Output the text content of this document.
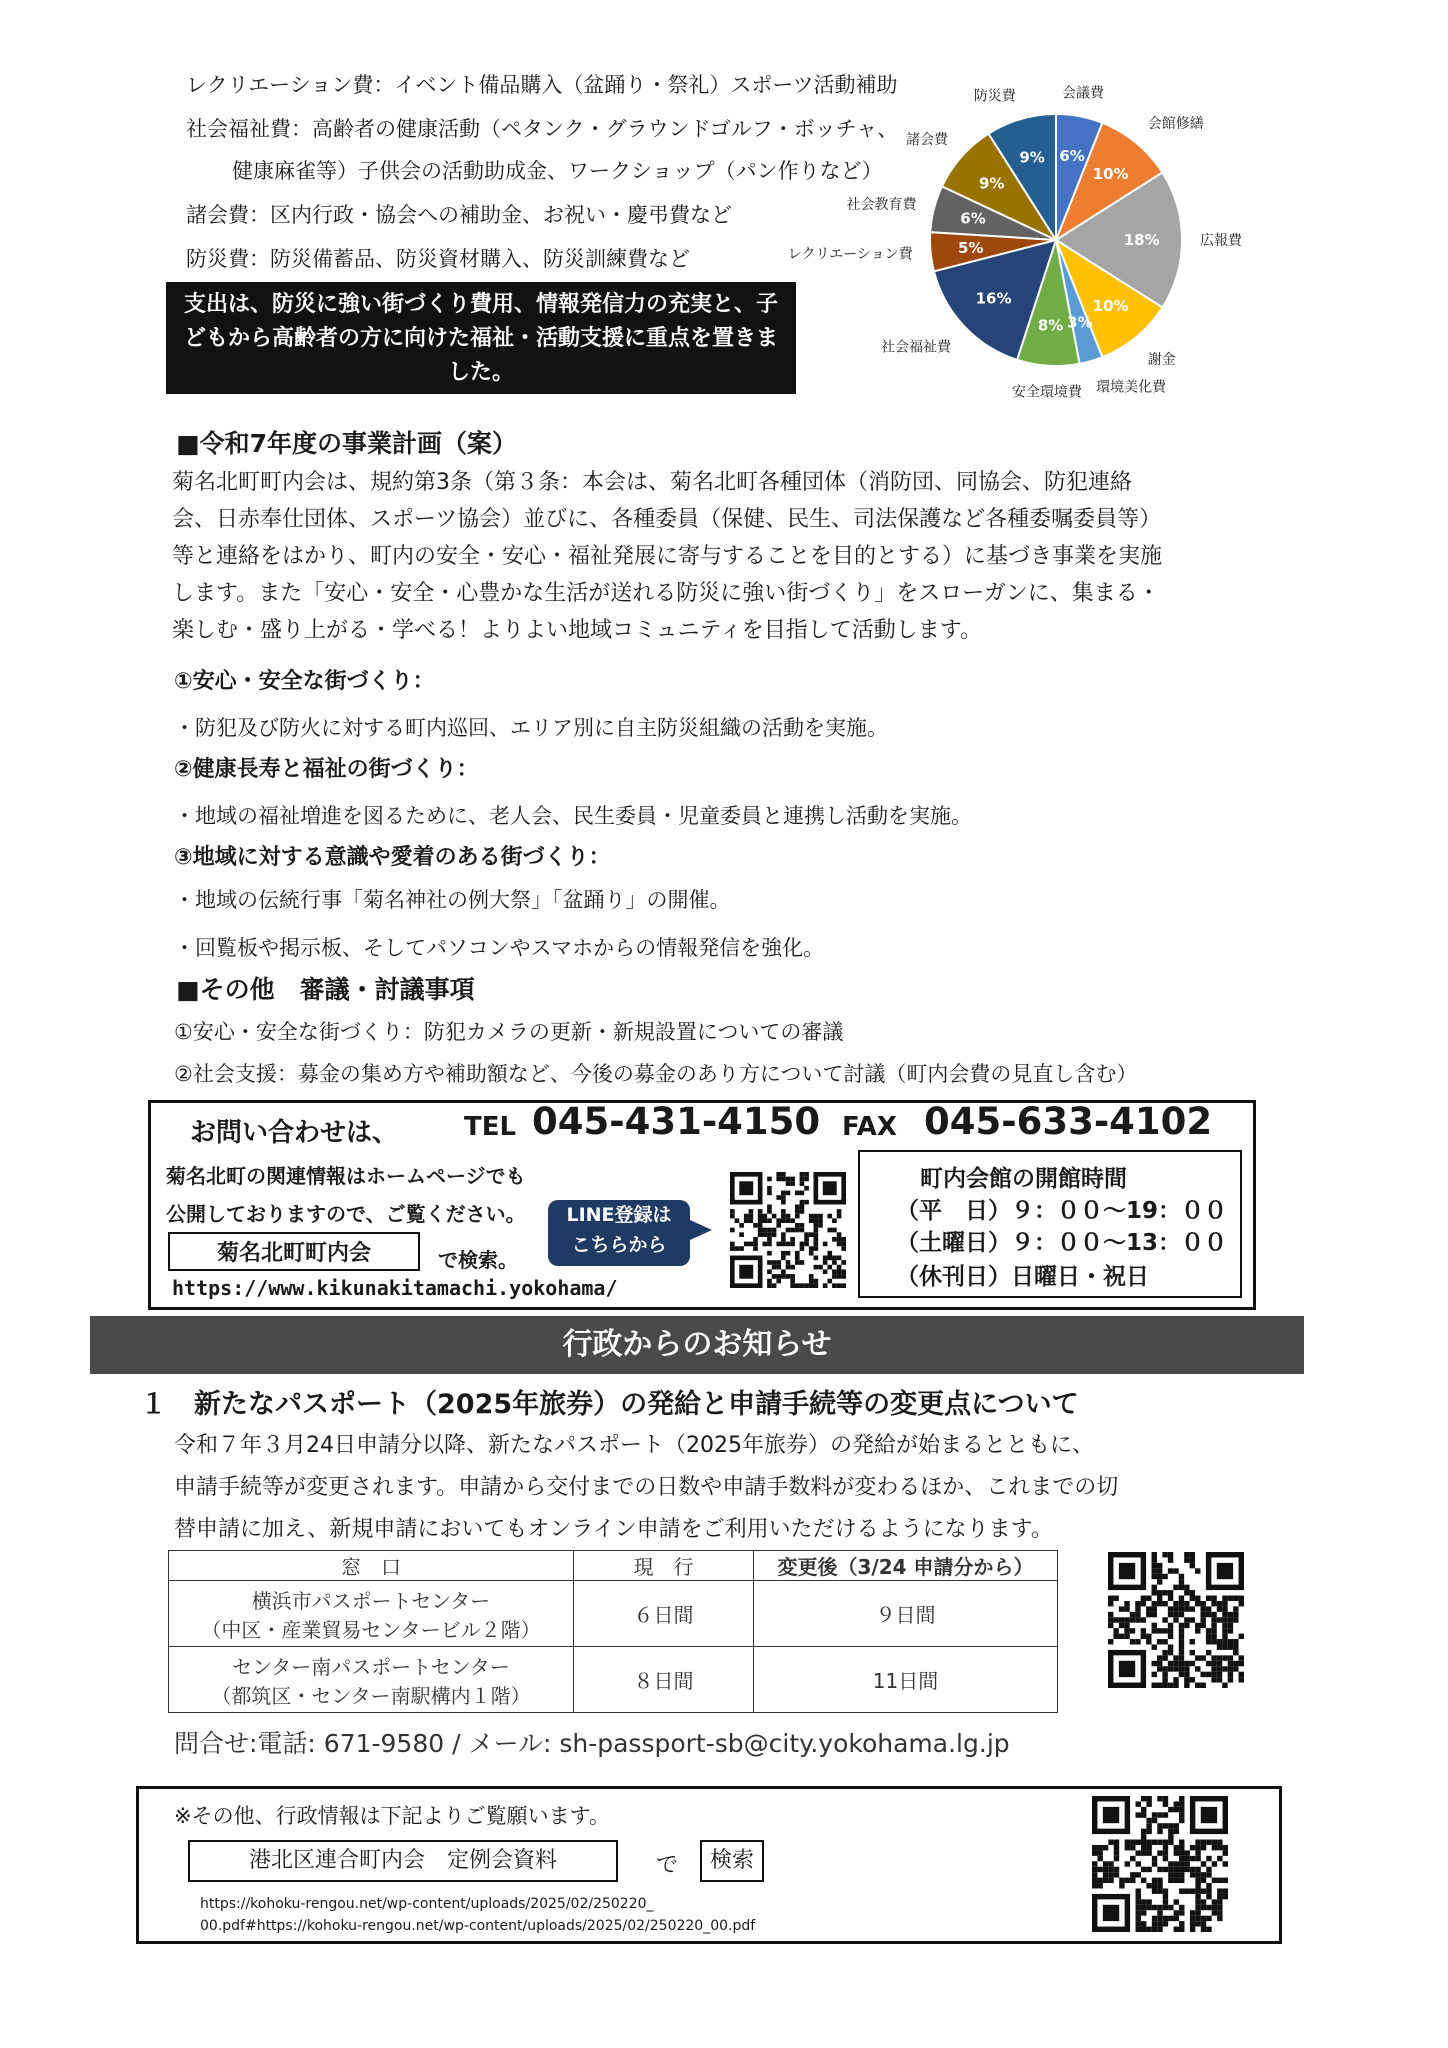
レクリエーション費：イベント備品購入（盆踊り・祭礼）スポーツ活動補助
社会福祉費：高齢者の健康活動（ペタンク・グラウンドゴルフ・ボッチャ、
健康麻雀等）子供会の活動助成金、ワークショップ（パン作りなど）
諸会費：区内行政・協会への補助金、お祝い・慶弔費など
防災費：防災備蓄品、防災資材購入、防災訓練費など
支出は、防災に強い街づくり費用、情報発信力の充実と、子どもから高齢者の方に向けた福祉・活動支援に重点を置きました。
6%
会議費
10%
会館修繕
18%	広報費
10%
謝金
3%
環境美化費
8%
安全環境費
16%
社会福祉費
5%
レクリエーション費
6%
社会教育費
9%
諸会費
9%
防災費
■令和7年度の事業計画（案）
菊名北町町内会は、規約第3条（第３条：本会は、菊名北町各種団体（消防団、同協会、防犯連絡会、日赤奉仕団体、スポーツ協会）並びに、各種委員（保健、民生、司法保護など各種委嘱委員等）等と連絡をはかり、町内の安全・安心・福祉発展に寄与することを目的とする）に基づき事業を実施します。また「安心・安全・心豊かな生活が送れる防災に強い街づくり」をスローガンに、集まる・楽しむ・盛り上がる・学べる！よりよい地域コミュニティを目指して活動します。
①安心・安全な街づくり：
・防犯及び防火に対する町内巡回、エリア別に自主防災組織の活動を実施。
②健康長寿と福祉の街づくり：
・地域の福祉増進を図るために、老人会、民生委員・児童委員と連携し活動を実施。
③地域に対する意識や愛着のある街づくり：
・地域の伝統行事「菊名神社の例大祭」「盆踊り」の開催。
・回覧板や掲示板、そしてパソコンやスマホからの情報発信を強化。
■その他　審議・討議事項
①安心・安全な街づくり：防犯カメラの更新・新規設置についての審議
②社会支援：募金の集め方や補助額など、今後の募金のあり方について討議（町内会費の見直し含む）
お問い合わせは、	TEL 045-431-4150 FAX 045-633-4102
菊名北町の関連情報はホームページでも
公開しておりますので、ご覧ください。
菊名北町町内会	で検索。
https://www.kikunakitamachi.yokohama/
LINE登録は
こちらから
町内会館の開館時間
（平　日）９：００～19：００
（土曜日）９：００～13：００
（休刊日）日曜日・祝日
行政からのお知らせ
１　新たなパスポート（2025年旅券）の発給と申請手続等の変更点について
令和７年３月24日申請分以降、新たなパスポート（2025年旅券）の発給が始まるとともに、
申請手続等が変更されます。申請から交付までの日数や申請手数料が変わるほか、これまでの切
替申請に加え、新規申請においてもオンライン申請をご利用いただけるようになります。
窓　口	現　行	変更後（3/24 申請分から）

横浜市パスポートセンター
（中区・産業貿易センタービル２階）	６日間	９日間

センター南パスポートセンター
（都筑区・センター南駅構内１階）	８日間	11日間
問合せ:電話: 671-9580 / メール: sh-passport-sb@city.yokohama.lg.jp
※その他、行政情報は下記よりご覧願います。
港北区連合町内会　定例会資料	で	検索
https://kohoku-rengou.net/wp-content/uploads/2025/02/250220_
00.pdf#https://kohoku-rengou.net/wp-content/uploads/2025/02/250220_00.pdf
